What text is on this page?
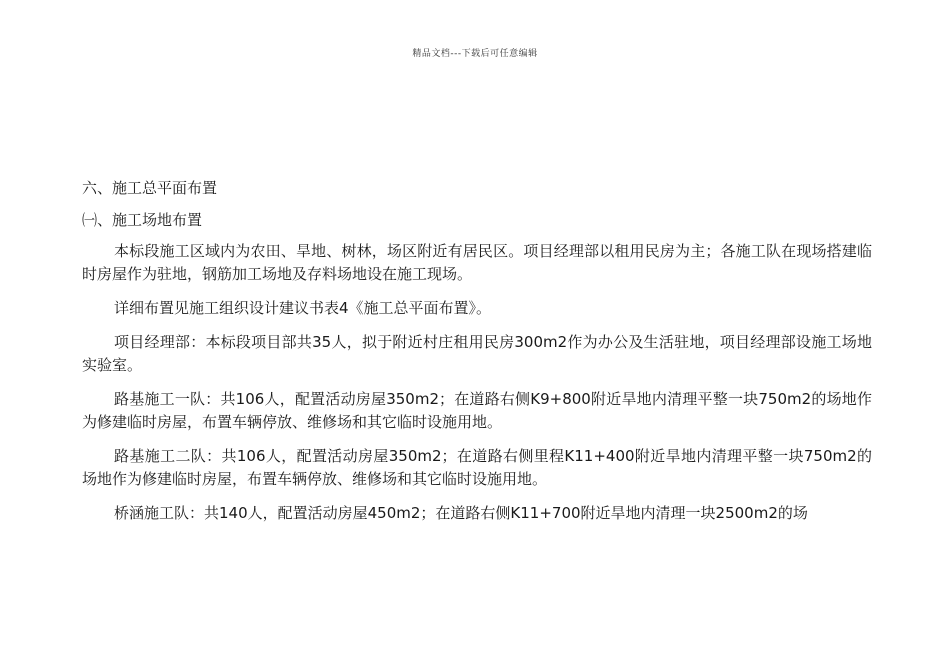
精品文档---下载后可任意编辑

六、施工总平面布置

㈠、施工场地布置

本标段施工区域内为农田、旱地、树林，场区附近有居民区。项目经理部以租用民房为主；各施工队在现场搭建临时房屋作为驻地，钢筋加工场地及存料场地设在施工现场。

详细布置见施工组织设计建议书表4《施工总平面布置》。

项目经理部：本标段项目部共35人，拟于附近村庄租用民房300m2作为办公及生活驻地，项目经理部设施工场地实验室。

路基施工一队：共106人，配置活动房屋350m2；在道路右侧K9+800附近旱地内清理平整一块750m2的场地作为修建临时房屋，布置车辆停放、维修场和其它临时设施用地。

路基施工二队：共106人，配置活动房屋350m2；在道路右侧里程K11+400附近旱地内清理平整一块750m2的场地作为修建临时房屋，布置车辆停放、维修场和其它临时设施用地。

桥涵施工队：共140人，配置活动房屋450m2；在道路右侧K11+700附近旱地内清理一块2500m2的场
